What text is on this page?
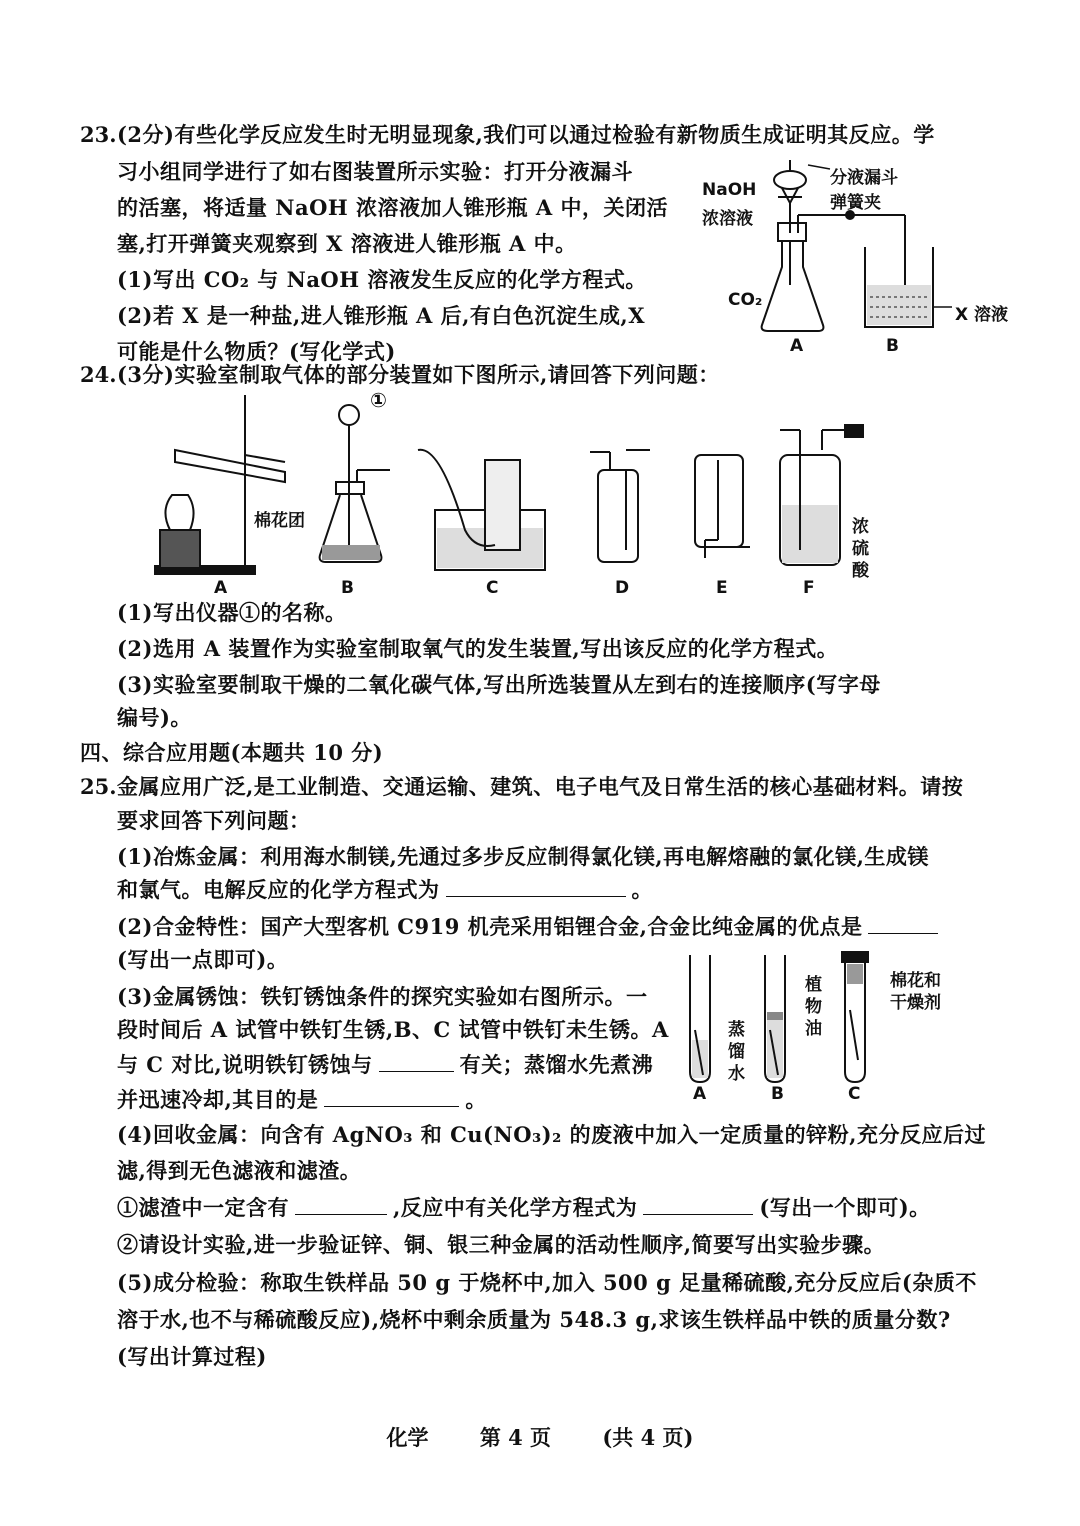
23. (2分)有些化学反应发生时无明显现象,我们可以通过检验有新物质生成证明其反应。学
习小组同学进行了如右图装置所示实验：打开分液漏斗
的活塞，将适量 NaOH 浓溶液加人锥形瓶 A 中，关闭活
塞,打开弹簧夹观察到 X 溶液进人锥形瓶 A 中。
(1)写出 CO₂ 与 NaOH 溶液发生反应的化学方程式。
(2)若 X 是一种盐,进人锥形瓶 A 后,有白色沉淀生成,X
可能是什么物质？(写化学式)
分液漏斗
弹簧夹
NaOH
浓溶液
CO₂
X 溶液
A	B
24. (3分)实验室制取气体的部分装置如下图所示,请回答下列问题：
①
棉花团	浓
硫
酸
A	B	C	D	E	F
(1)写出仪器①的名称。
(2)选用 A 装置作为实验室制取氧气的发生装置,写出该反应的化学方程式。
(3)实验室要制取干燥的二氧化碳气体,写出所选装置从左到右的连接顺序(写字母
编号)。
四、综合应用题(本题共 10 分)
25. 金属应用广泛,是工业制造、交通运输、建筑、电子电气及日常生活的核心基础材料。请按
要求回答下列问题：
(1)冶炼金属：利用海水制镁,先通过多步反应制得氯化镁,再电解熔融的氯化镁,生成镁
和氯气。电解反应的化学方程式为	。
(2)合金特性：国产大型客机 C919 机壳采用铝锂合金,合金比纯金属的优点是
(写出一点即可)。
(3)金属锈蚀：铁钉锈蚀条件的探究实验如右图所示。一
段时间后 A 试管中铁钉生锈,B、C 试管中铁钉未生锈。A
与 C 对比,说明铁钉锈蚀与	有关；蒸馏水先煮沸
并迅速冷却,其目的是	。
植
物
油
蒸
馏
水
棉花和
干燥剂
A	B	C
(4)回收金属：向含有 AgNO₃ 和 Cu(NO₃)₂ 的废液中加入一定质量的锌粉,充分反应后过
滤,得到无色滤液和滤渣。
①滤渣中一定含有	,反应中有关化学方程式为	(写出一个即可)。
②请设计实验,进一步验证锌、铜、银三种金属的活动性顺序,简要写出实验步骤。
(5)成分检验：称取生铁样品 50 g 于烧杯中,加入 500 g 足量稀硫酸,充分反应后(杂质不
溶于水,也不与稀硫酸反应),烧杯中剩余质量为 548.3 g,求该生铁样品中铁的质量分数?
(写出计算过程)
化学 第 4 页 (共 4 页)
